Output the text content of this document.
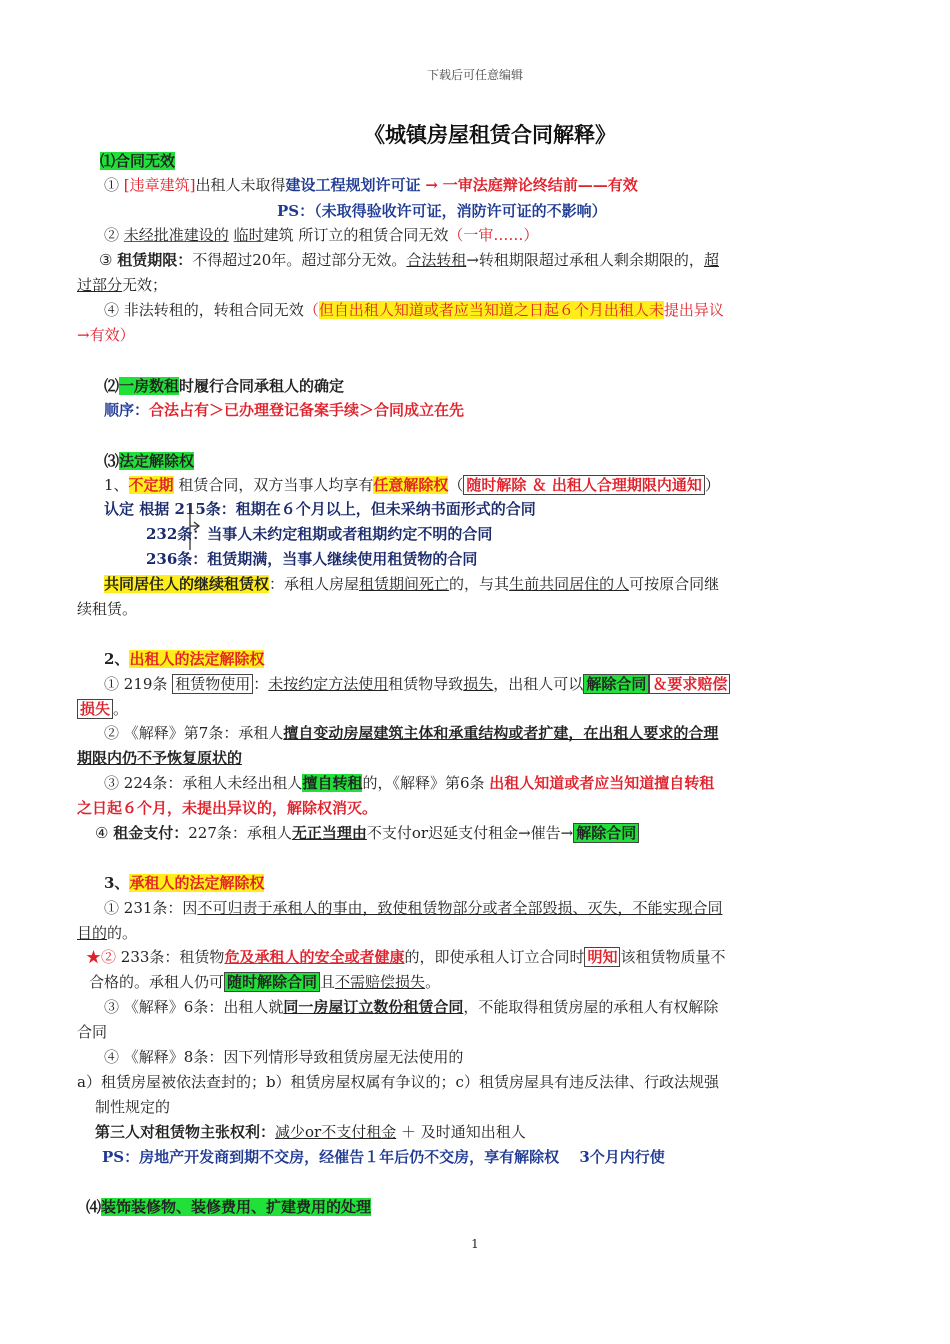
下载后可任意编辑
《城镇房屋租赁合同解释》
⑴合同无效
① [违章建筑]出租人未取得建设工程规划许可证 → 一审法庭辩论终结前——有效
PS：（未取得验收许可证，消防许可证的不影响）
② 未经批准建设的 临时建筑 所订立的租赁合同无效（一审……）
③ 租赁期限：不得超过20年。超过部分无效。合法转租→转租期限超过承租人剩余期限的，超
过部分无效；
④ 非法转租的，转租合同无效（但自出租人知道或者应当知道之日起６个月出租人未提出异议
→有效）
⑵一房数租时履行合同承租人的确定
顺序：合法占有＞已办理登记备案手续＞合同成立在先
⑶法定解除权
1、不定期 租赁合同，双方当事人均享有任意解除权（ 随时解除 ＆ 出租人合理期限内通知 ）
认定 根据 215条：租期在６个月以上，但未采纳书面形式的合同
232条：当事人未约定租期或者租期约定不明的合同
236条：租赁期满，当事人继续使用租赁物的合同
共同居住人的继续租赁权：承租人房屋租赁期间死亡的，与其生前共同居住的人可按原合同继
续租赁。
2、出租人的法定解除权
① 219条 租赁物使用 ：未按约定方法使用租赁物导致损失，出租人可以 解除合同 ＆要求赔偿
损失 。
② 《解释》第7条：承租人擅自变动房屋建筑主体和承重结构或者扩建，在出租人要求的合理
期限内仍不予恢复原状的
③ 224条：承租人未经出租人擅自转租的，《解释》第6条 出租人知道或者应当知道擅自转租
之日起６个月，未提出异议的，解除权消灭。
④ 租金支付：227条：承租人无正当理由不支付or迟延支付租金→催告→ 解除合同
3、承租人的法定解除权
① 231条：因不可归责于承租人的事由，致使租赁物部分或者全部毁损、灭失，不能实现合同
目的的。
★② 233条：租赁物危及承租人的安全或者健康的，即使承租人订立合同时 明知 该租赁物质量不
合格的。承租人仍可 随时解除合同 且不需赔偿损失。
③ 《解释》6条：出租人就同一房屋订立数份租赁合同，不能取得租赁房屋的承租人有权解除
合同
④ 《解释》8条：因下列情形导致租赁房屋无法使用的
a）租赁房屋被依法查封的；b）租赁房屋权属有争议的；c）租赁房屋具有违反法律、行政法规强
制性规定的
第三人对租赁物主张权利：减少or不支付租金 ＋ 及时通知出租人
PS：房地产开发商到期不交房，经催告１年后仍不交房，享有解除权　 3个月内行使
⑷装饰装修物、装修费用、扩建费用的处理
1
